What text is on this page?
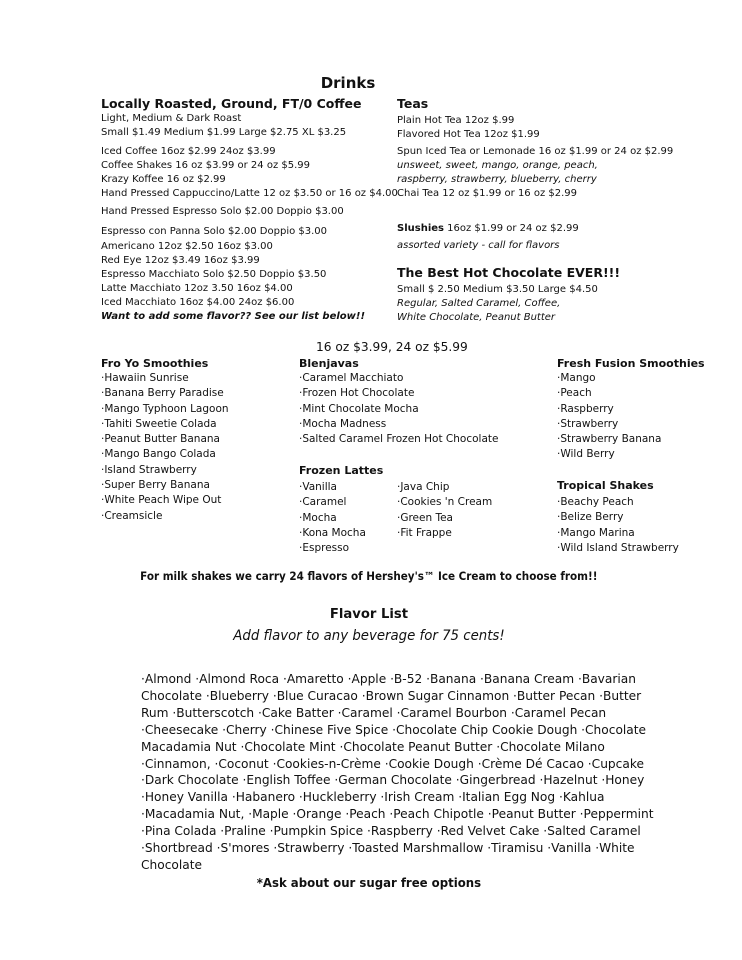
Drinks
Locally Roasted, Ground, FT/0 Coffee
Light, Medium & Dark Roast
Small $1.49 Medium $1.99 Large $2.75 XL $3.25
Iced Coffee 16oz $2.99 24oz $3.99
Coffee Shakes 16 oz $3.99 or 24 oz $5.99
Krazy Koffee 16 oz $2.99
Hand Pressed Cappuccino/Latte 12 oz $3.50 or 16 oz $4.00
Hand Pressed Espresso Solo $2.00 Doppio $3.00
Espresso con Panna Solo $2.00 Doppio $3.00
Americano 12oz $2.50 16oz $3.00
Red Eye 12oz $3.49 16oz $3.99
Espresso Macchiato Solo $2.50 Doppio $3.50
Latte Macchiato 12oz 3.50 16oz $4.00
Iced Macchiato 16oz $4.00 24oz $6.00
Want to add some flavor?? See our list below!!
Teas
Plain Hot Tea 12oz $.99
Flavored Hot Tea 12oz $1.99
Spun Iced Tea or Lemonade 16 oz $1.99 or 24 oz $2.99
unsweet, sweet, mango, orange, peach,
raspberry, strawberry, blueberry, cherry
Chai Tea 12 oz $1.99 or 16 oz $2.99
Slushies 16oz $1.99 or 24 oz $2.99
assorted variety - call for flavors
The Best Hot Chocolate EVER!!!
Small $ 2.50 Medium $3.50 Large $4.50
Regular, Salted Caramel, Coffee,
White Chocolate, Peanut Butter
16 oz $3.99, 24 oz $5.99
Fro Yo Smoothies
·Hawaiin Sunrise
·Banana Berry Paradise
·Mango Typhoon Lagoon
·Tahiti Sweetie Colada
·Peanut Butter Banana
·Mango Bango Colada
·Island Strawberry
·Super Berry Banana
·White Peach Wipe Out
·Creamsicle
Blenjavas
·Caramel Macchiato
·Frozen Hot Chocolate
·Mint Chocolate Mocha
·Mocha Madness
·Salted Caramel Frozen Hot Chocolate
Frozen Lattes
·Vanilla
·Caramel
·Mocha
·Kona Mocha
·Espresso
·Java Chip
·Cookies 'n Cream
·Green Tea
·Fit Frappe
Fresh Fusion Smoothies
·Mango
·Peach
·Raspberry
·Strawberry
·Strawberry Banana
·Wild Berry
Tropical Shakes
·Beachy Peach
·Belize Berry
·Mango Marina
·Wild Island Strawberry
For milk shakes we carry 24 flavors of Hershey's™ Ice Cream to choose from!!
Flavor List
Add flavor to any beverage for 75 cents!
·Almond ·Almond Roca ·Amaretto ·Apple ·B-52 ·Banana ·Banana Cream ·Bavarian
Chocolate ·Blueberry ·Blue Curacao ·Brown Sugar Cinnamon ·Butter Pecan ·Butter
Rum ·Butterscotch ·Cake Batter ·Caramel ·Caramel Bourbon ·Caramel Pecan
·Cheesecake ·Cherry ·Chinese Five Spice ·Chocolate Chip Cookie Dough ·Chocolate
Macadamia Nut ·Chocolate Mint ·Chocolate Peanut Butter ·Chocolate Milano
·Cinnamon, ·Coconut ·Cookies-n-Crème ·Cookie Dough ·Crème Dé Cacao ·Cupcake
·Dark Chocolate ·English Toffee ·German Chocolate ·Gingerbread ·Hazelnut ·Honey
·Honey Vanilla ·Habanero ·Huckleberry ·Irish Cream ·Italian Egg Nog ·Kahlua
·Macadamia Nut, ·Maple ·Orange ·Peach ·Peach Chipotle ·Peanut Butter ·Peppermint
·Pina Colada ·Praline ·Pumpkin Spice ·Raspberry ·Red Velvet Cake ·Salted Caramel
·Shortbread ·S'mores ·Strawberry ·Toasted Marshmallow ·Tiramisu ·Vanilla ·White
Chocolate
*Ask about our sugar free options
